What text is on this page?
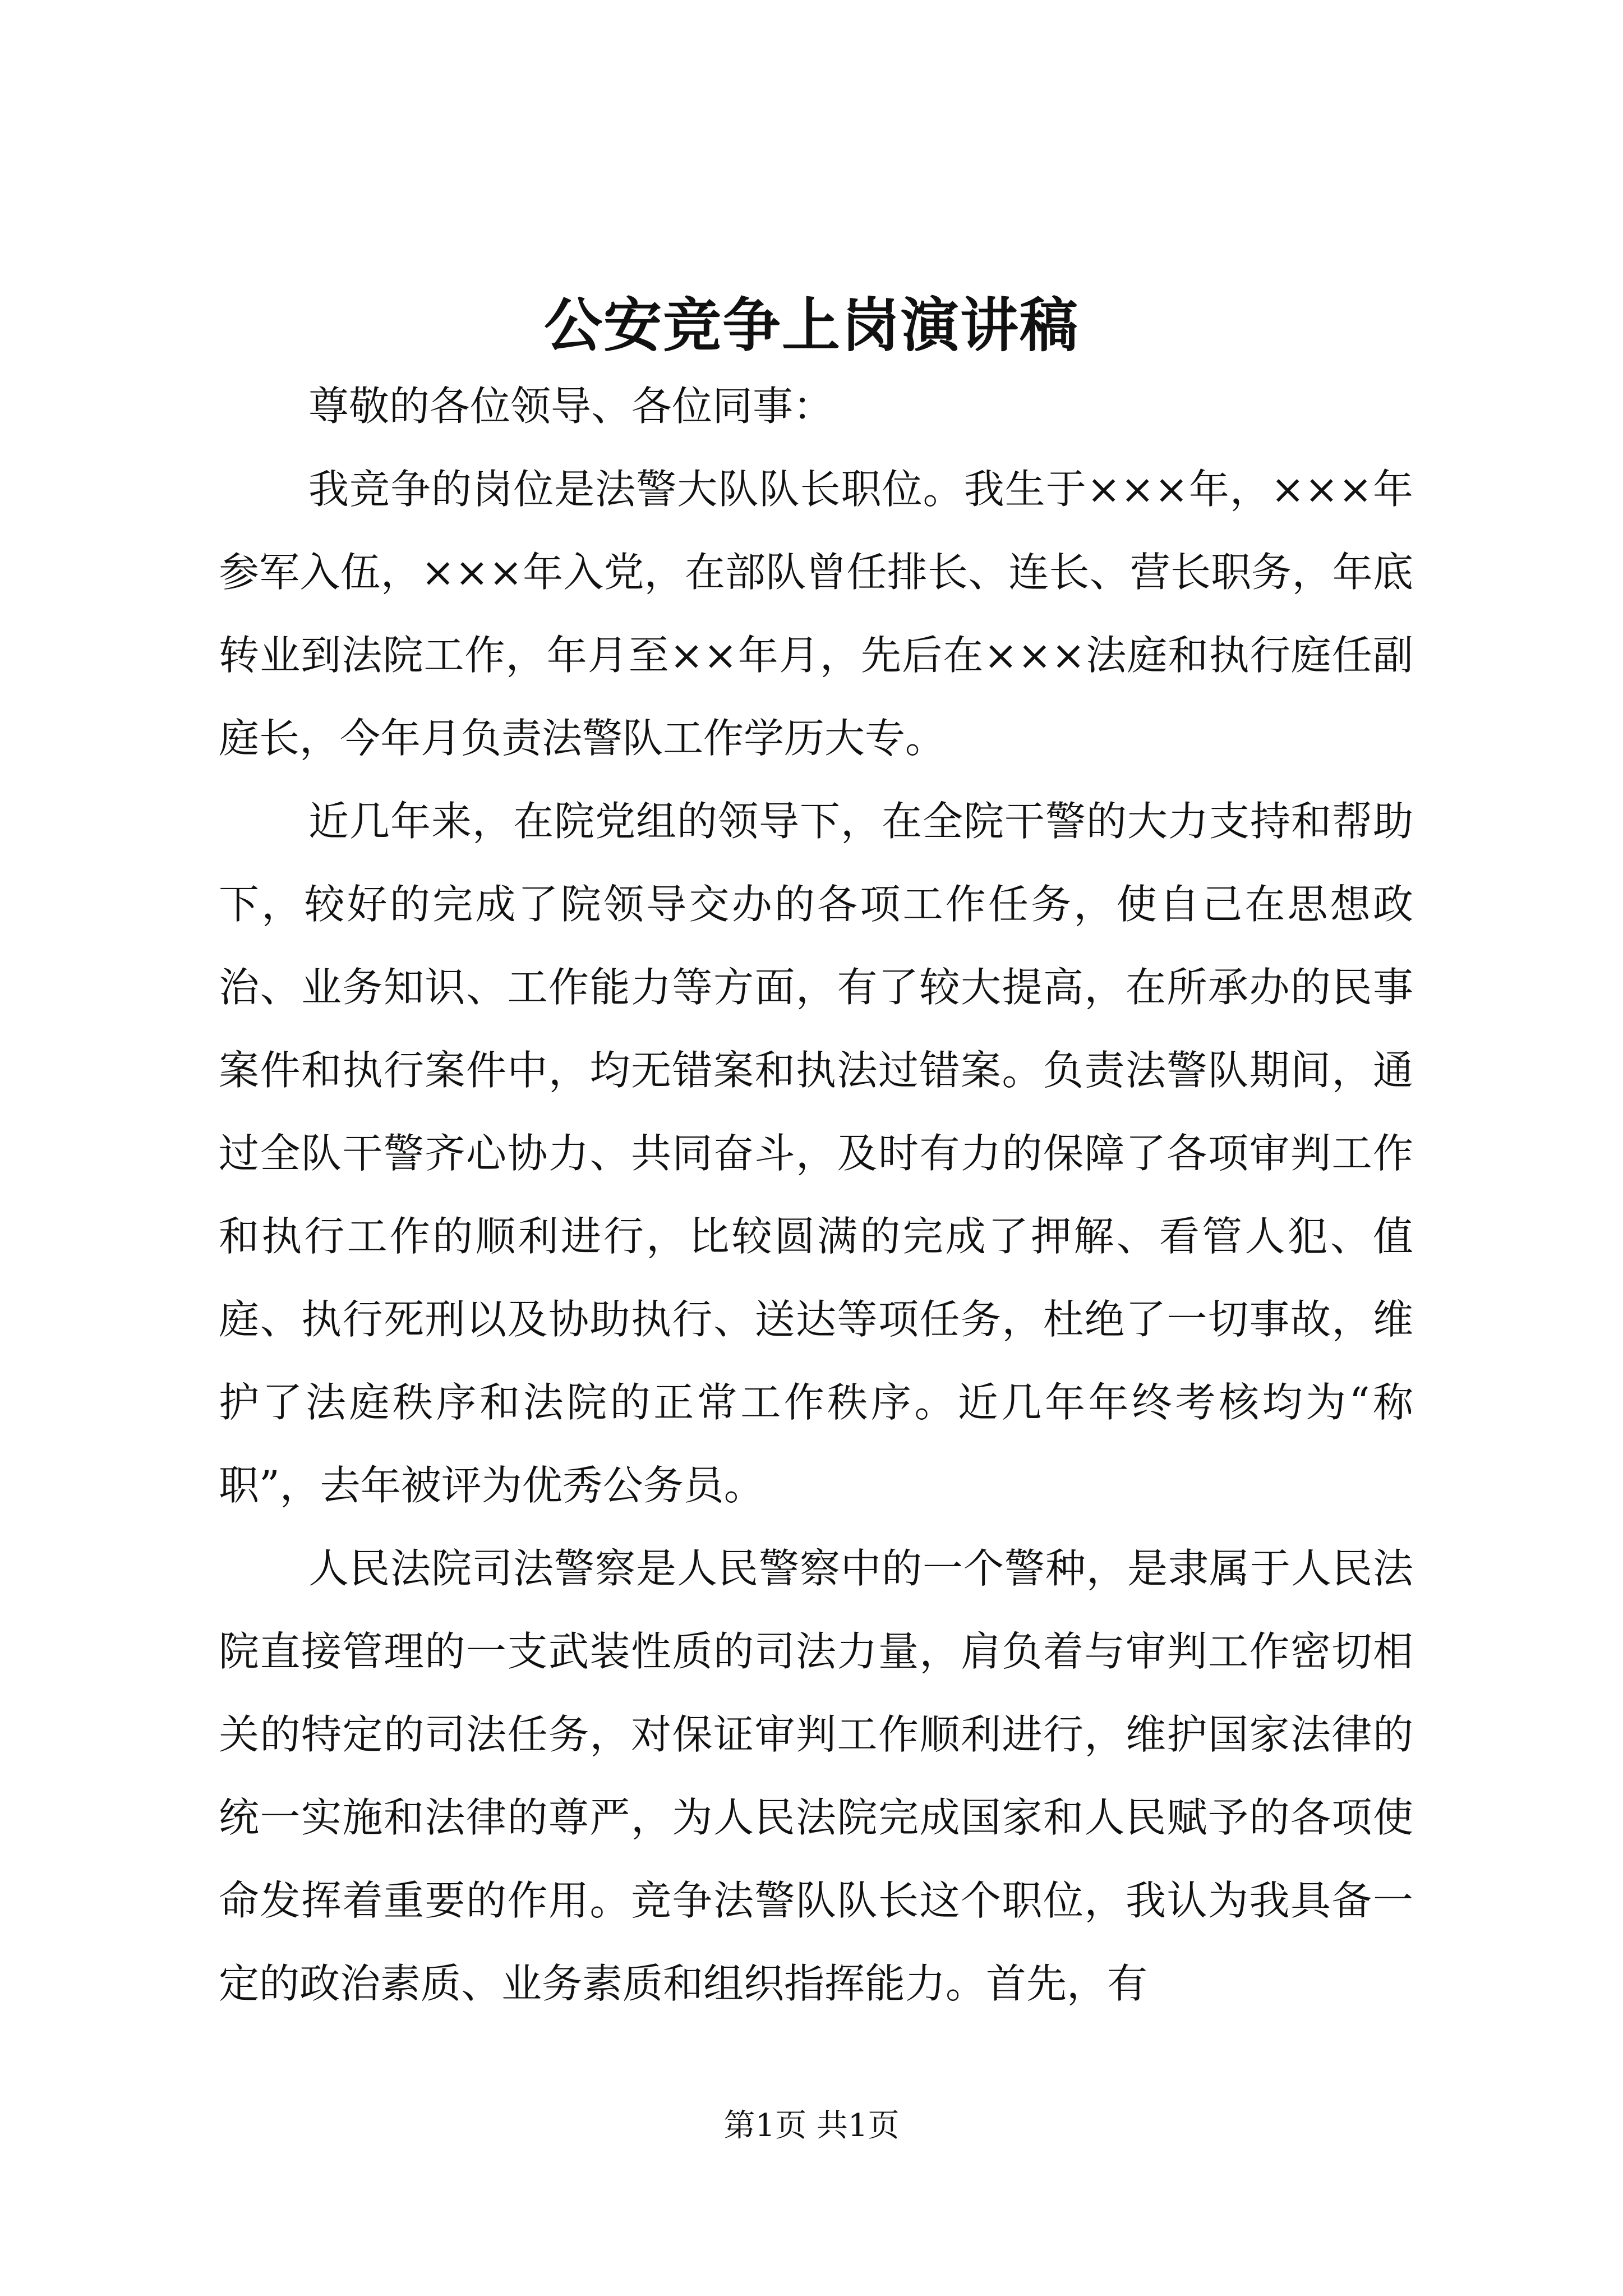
公安竞争上岗演讲稿

尊敬的各位领导、各位同事：

我竞争的岗位是法警大队队长职位。我生于×××年，×××年参军入伍，×××年入党，在部队曾任排长、连长、营长职务，年底转业到法院工作，年月至××年月，先后在×××法庭和执行庭任副庭长，今年月负责法警队工作学历大专。

近几年来，在院党组的领导下，在全院干警的大力支持和帮助下，较好的完成了院领导交办的各项工作任务，使自己在思想政治、业务知识、工作能力等方面，有了较大提高，在所承办的民事案件和执行案件中，均无错案和执法过错案。负责法警队期间，通过全队干警齐心协力、共同奋斗，及时有力的保障了各项审判工作和执行工作的顺利进行，比较圆满的完成了押解、看管人犯、值庭、执行死刑以及协助执行、送达等项任务，杜绝了一切事故，维护了法庭秩序和法院的正常工作秩序。近几年年终考核均为“称职”，去年被评为优秀公务员。

人民法院司法警察是人民警察中的一个警种，是隶属于人民法院直接管理的一支武装性质的司法力量，肩负着与审判工作密切相关的特定的司法任务，对保证审判工作顺利进行，维护国家法律的统一实施和法律的尊严，为人民法院完成国家和人民赋予的各项使命发挥着重要的作用。竞争法警队队长这个职位，我认为我具备一定的政治素质、业务素质和组织指挥能力。首先，有

第1页 共1页
